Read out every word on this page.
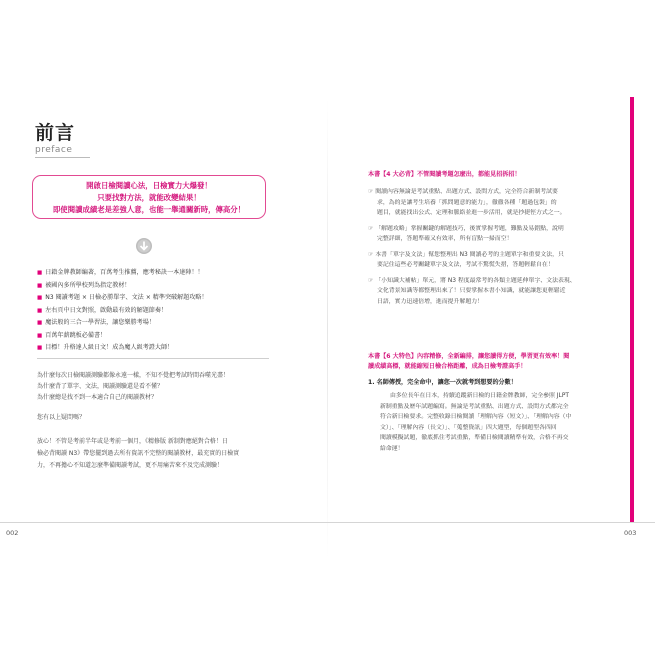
前言
preface
開啟日檢閱讀心法，日檢實力大爆發！
只要找對方法，就能改變結果！
即使閱讀成績老是差強人意，也能一舉通關新時，傳高分！
■ 日籍金牌教師編著，百萬考生推薦，應考秘訣一本達陣！！
■ 被國內多所學校列為指定教材！
■ N3 閱讀考題 × 日檢必勝單字、文法 × 精準突破解題攻略！
■ 左右頁中日文對照，啟動最有效的解題節奏！
■ 魔法般的三合一學習法，讓您樂勝考場！
■ 百萬年薪跳板必備書！
■ 目標！升格達人級日文！成為魔人級考證大師！
為什麼每次日檢閱讀測驗都像永遠一樣，不知不覺把考試時間吞噬光盡！
為什麼背了單字、文法，閱讀測驗還是看不懂？
為什麼總是找不到一本適合自己的閱讀教材？
您有以上疑問嗎？
放心！不管是考前半年或是考前一個月，《精修版 新制對應絕對合格！日
檢必背閱讀 N3》帶您擺到過去所有資訊不完整的閱讀教材，最充實的日檢實
力，不再擔心不知道怎麼準備閱讀考試，更不用痛苦來不及完成測驗！
本書【4 大必背】不管閱讀考題怎麼出，都能見招拆招！
☞ 閱讀內容無論是考試重點、出題方式、設問方式，完全符合新制考試要
求，為的是讓考生培養「抓問題意的能力」，徹徹各種「題過包裝」的
題目，就能找出公式、定理和脈絡並進一步活用，就是抄捷徑方式之一。
☞ 「解題攻略」掌握關鍵的解題技巧，後實掌握考題，難點及易錯點，說明
完整詳細，答題準確又有效率，所有盲點一掃而空！
☞ 本書「單字及文法」幫您整理出 N3 閱讀必考的主題單字和重要文法，只
要記住這些必考關鍵單字及文法，考試不驚慌失措，答題輕鬆自在！
☞ 「小知識大補帖」單元，將 N3 程度最常考的各類主題延伸單字、文法表現、
文化背景知識等都整理出來了！只要掌握本書小知識，就能讓您更輕鬆近
日語，實力迅速倍增，進而提升解題力！
本書【6 大特色】內容精修，全新編排，讓您讀得方便，學習更有效率！閱
讀成績高標，就能縮短日檢合格距離，成為日檢考證高手！
1. 名師傳授，完全命中，讓您一次就考到想要的分數！
由多位長年在日本，持續追蹤新日檢的日籍金牌教師，完全參照 JLPT
新制重點及歷年試題編寫。無論是考試重點、出題方式、設問方式都完全
符合新日檢要求。完整收錄日檢閱讀「理解內容（短文）」、「理解內容（中
文）」、「理解內容（長文）」、「蒐整資訊」四大題型，每個題型各四回
閱讀模擬試題，徹底抓住考試重點，準備日檢閱讀精準有效，合格不再交
給命運！
002	003
